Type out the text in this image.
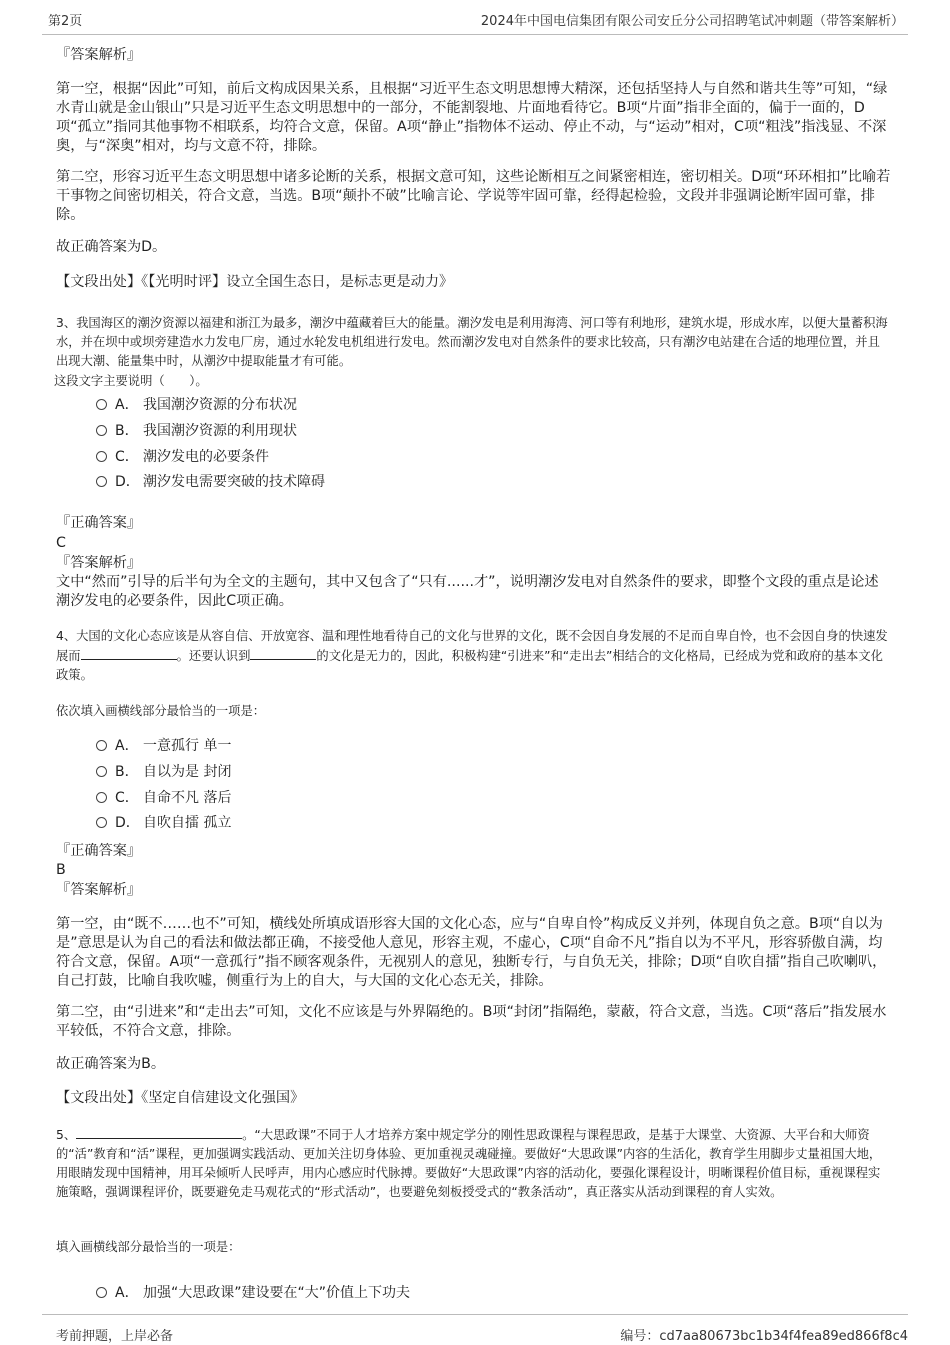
第2页	2024年中国电信集团有限公司安丘分公司招聘笔试冲刺题（带答案解析）
『答案解析』

第一空，根据“因此”可知，前后文构成因果关系，且根据“习近平生态文明思想博大精深，还包括坚持人与自然和谐共生等”可知，“绿水青山就是金山银山”只是习近平生态文明思想中的一部分，不能割裂地、片面地看待它。B项“片面”指非全面的，偏于一面的，D项“孤立”指同其他事物不相联系，均符合文意，保留。A项“静止”指物体不运动、停止不动，与“运动”相对，C项“粗浅”指浅显、不深奥，与“深奥”相对，均与文意不符，排除。

第二空，形容习近平生态文明思想中诸多论断的关系，根据文意可知，这些论断相互之间紧密相连，密切相关。D项“环环相扣”比喻若干事物之间密切相关，符合文意，当选。B项“颠扑不破”比喻言论、学说等牢固可靠，经得起检验，文段并非强调论断牢固可靠，排除。

故正确答案为D。

【文段出处】《【光明时评】设立全国生态日，是标志更是动力》

3、我国海区的潮汐资源以福建和浙江为最多，潮汐中蕴藏着巨大的能量。潮汐发电是利用海湾、河口等有利地形，建筑水堤，形成水库，以便大量蓄积海水，并在坝中或坝旁建造水力发电厂房，通过水轮发电机组进行发电。然而潮汐发电对自然条件的要求比较高，只有潮汐电站建在合适的地理位置，并且出现大潮、能量集中时，从潮汐中提取能量才有可能。

这段文字主要说明（　　）。

A． 我国潮汐资源的分布状况
B． 我国潮汐资源的利用现状
C． 潮汐发电的必要条件
D． 潮汐发电需要突破的技术障碍
『正确答案』
C
『答案解析』

文中“然而”引导的后半句为全文的主题句，其中又包含了“只有......才”，说明潮汐发电对自然条件的要求，即整个文段的重点是论述潮汐发电的必要条件，因此C项正确。

4、大国的文化心态应该是从容自信、开放宽容、温和理性地看待自己的文化与世界的文化，既不会因自身发展的不足而自卑自怜，也不会因自身的快速发展而	。还要认识到	的文化是无力的，因此，积极构建“引进来”和“走出去”相结合的文化格局，已经成为党和政府的基本文化政策。

依次填入画横线部分最恰当的一项是：

A． 一意孤行 单一
B． 自以为是 封闭
C． 自命不凡 落后
D． 自吹自擂 孤立
『正确答案』
B
『答案解析』

第一空，由“既不……也不”可知，横线处所填成语形容大国的文化心态，应与“自卑自怜”构成反义并列，体现自负之意。B项“自以为是”意思是认为自己的看法和做法都正确，不接受他人意见，形容主观，不虚心，C项“自命不凡”指自以为不平凡，形容骄傲自满，均符合文意，保留。A项“一意孤行”指不顾客观条件，无视别人的意见，独断专行，与自负无关，排除；D项“自吹自擂”指自己吹喇叭，自己打鼓，比喻自我吹嘘，侧重行为上的自大，与大国的文化心态无关，排除。

第二空，由“引进来”和“走出去”可知，文化不应该是与外界隔绝的。B项“封闭”指隔绝，蒙蔽，符合文意，当选。C项“落后”指发展水平较低，不符合文意，排除。

故正确答案为B。

【文段出处】《坚定自信建设文化强国》

5、	。“大思政课”不同于人才培养方案中规定学分的刚性思政课程与课程思政，是基于大课堂、大资源、大平台和大师资的“活”教育和“活”课程，更加强调实践活动、更加关注切身体验、更加重视灵魂碰撞。要做好“大思政课”内容的生活化，教育学生用脚步丈量祖国大地，用眼睛发现中国精神，用耳朵倾听人民呼声，用内心感应时代脉搏。要做好“大思政课”内容的活动化，要强化课程设计，明晰课程价值目标，重视课程实施策略，强调课程评价，既要避免走马观花式的“形式活动”，也要避免刻板授受式的“教条活动”，真正落实从活动到课程的育人实效。

填入画横线部分最恰当的一项是：

A． 加强“大思政课”建设要在“大”价值上下功夫
考前押题，上岸必备	编号：cd7aa80673bc1b34f4fea89ed866f8c4
